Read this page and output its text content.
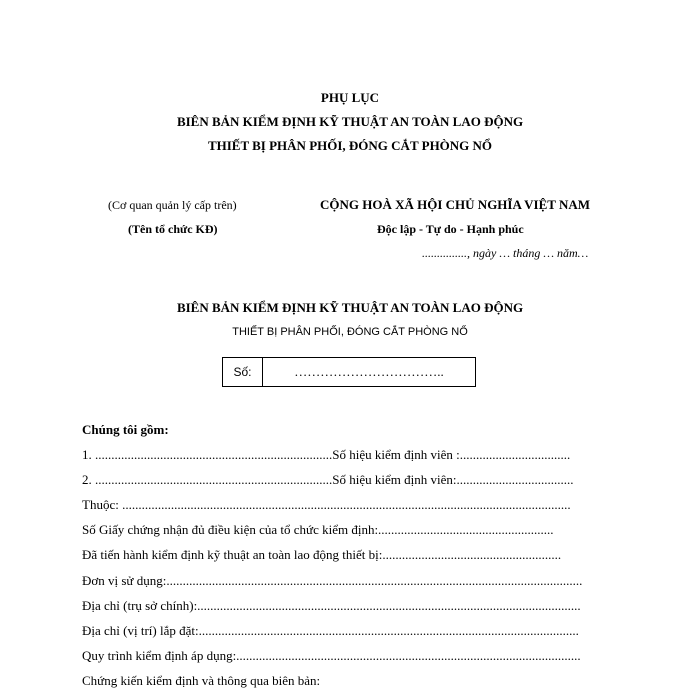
PHỤ LỤC
BIÊN BẢN KIỂM ĐỊNH KỸ THUẬT AN TOÀN LAO ĐỘNG
THIẾT BỊ PHÂN PHỐI, ĐÓNG CẮT PHÒNG NỔ
(Cơ quan quản lý cấp trên)
(Tên tổ chức KĐ)
CỘNG HOÀ XÃ HỘI CHỦ NGHĨA VIỆT NAM
Độc lập - Tự do - Hạnh phúc
..............., ngày … tháng … năm…
BIÊN BẢN KIỂM ĐỊNH KỸ THUẬT AN TOÀN LAO ĐỘNG
THIẾT BỊ PHÂN PHỐI, ĐÓNG CẮT PHÒNG NỔ
Số:	……………………………..
Chúng tôi gồm:
1. .........................................................................Số hiệu kiểm định viên :..................................
2. .........................................................................Số hiệu kiểm định viên:....................................
Thuộc: ..........................................................................................................................................
Số Giấy chứng nhận đủ điều kiện của tổ chức kiểm định:......................................................
Đã tiến hành kiểm định kỹ thuật an toàn lao động thiết bị:.......................................................
Đơn vị sử dụng:................................................................................................................................
Địa chỉ (trụ sở chính):......................................................................................................................
Địa chỉ (vị trí) lắp đặt:.....................................................................................................................
Quy trình kiểm định áp dụng:..........................................................................................................
Chứng kiến kiểm định và thông qua biên bản:
